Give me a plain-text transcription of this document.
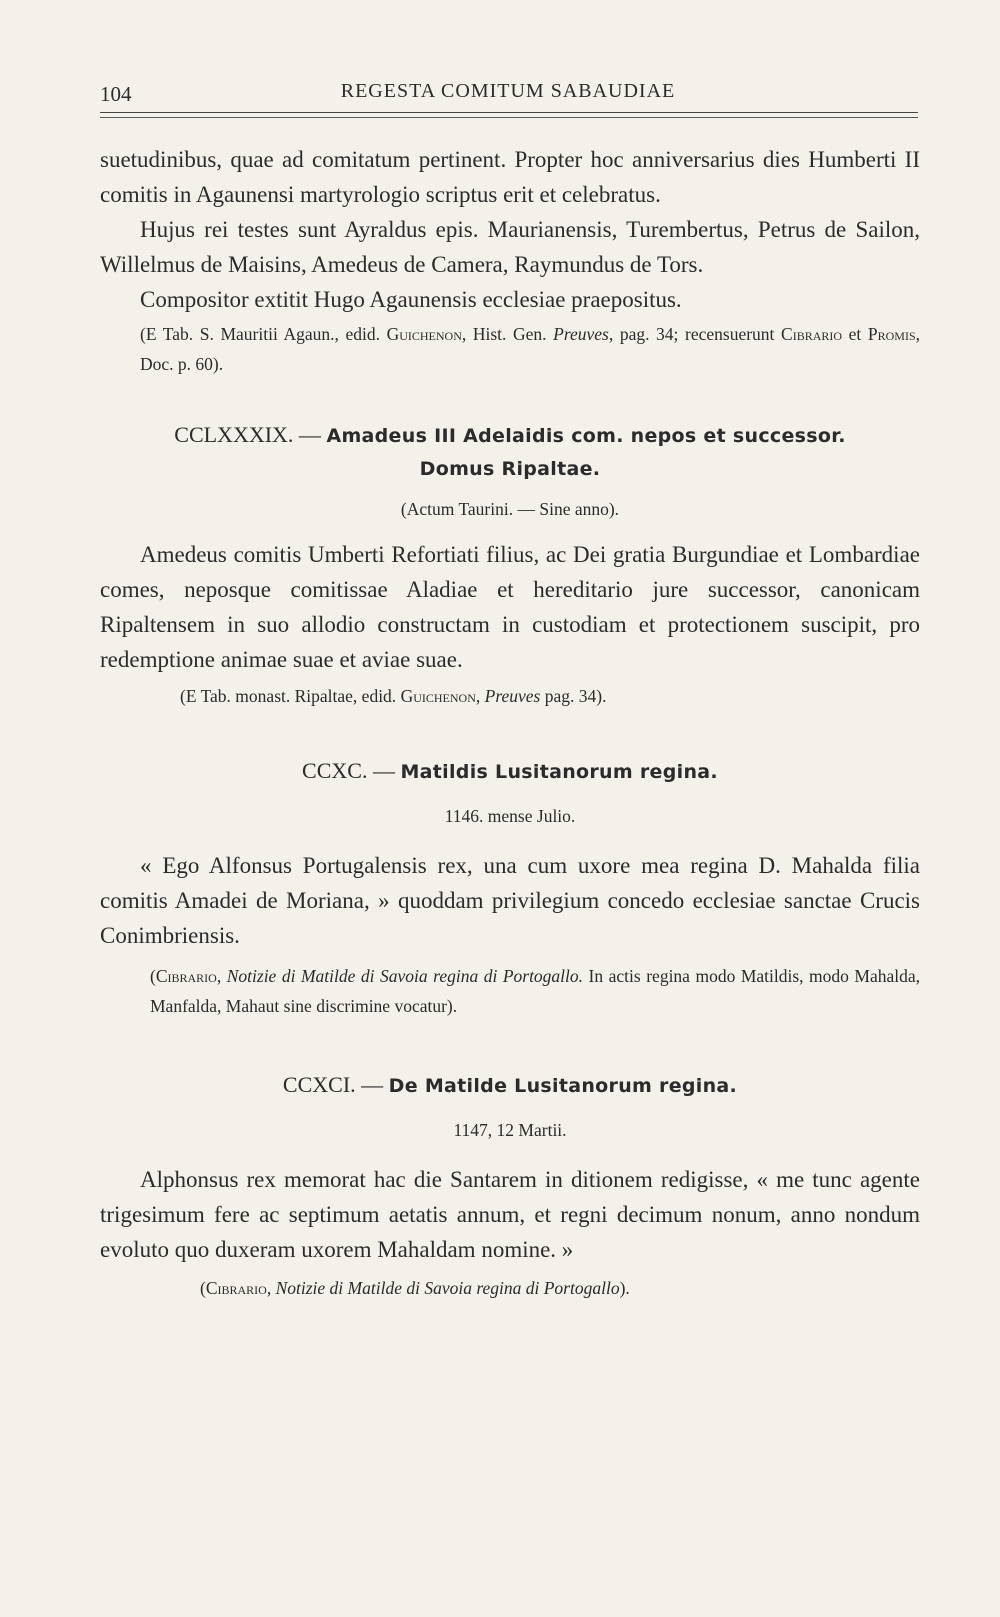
104	REGESTA COMITUM SABAUDIAE

suetudinibus, quae ad comitatum pertinent. Propter hoc anniversarius dies Humberti II comitis in Agaunensi martyrologio scriptus erit et celebratus.

Hujus rei testes sunt Ayraldus epis. Maurianensis, Turembertus, Petrus de Sailon, Willelmus de Maisins, Amedeus de Camera, Raymundus de Tors.

Compositor extitit Hugo Agaunensis ecclesiae praepositus.

(E Tab. S. Mauritii Agaun., edid. Guichenon, Hist. Gen. Preuves, pag. 34; recensuerunt Cibrario et Promis, Doc. p. 60).

CCLXXXIX. — Amadeus III Adelaidis com. nepos et successor.

Domus Ripaltae.

(Actum Taurini. — Sine anno).

Amedeus comitis Umberti Refortiati filius, ac Dei gratia Burgundiae et Lombardiae comes, neposque comitissae Aladiae et hereditario jure successor, canonicam Ripaltensem in suo allodio constructam in custodiam et protectionem suscipit, pro redemptione animae suae et aviae suae.

(E Tab. monast. Ripaltae, edid. Guichenon, Preuves pag. 34).

CCXC. — Matildis Lusitanorum regina.

1146. mense Julio.

« Ego Alfonsus Portugalensis rex, una cum uxore mea regina D. Mahalda filia comitis Amadei de Moriana, » quoddam privilegium concedo ecclesiae sanctae Crucis Conimbriensis.

(Cibrario, Notizie di Matilde di Savoia regina di Portogallo. In actis regina modo Matildis, modo Mahalda, Manfalda, Mahaut sine discrimine vocatur).

CCXCI. — De Matilde Lusitanorum regina.

1147, 12 Martii.

Alphonsus rex memorat hac die Santarem in ditionem redigisse, « me tunc agente trigesimum fere ac septimum aetatis annum, et regni decimum nonum, anno nondum evoluto quo duxeram uxorem Mahaldam nomine. »

(Cibrario, Notizie di Matilde di Savoia regina di Portogallo).
